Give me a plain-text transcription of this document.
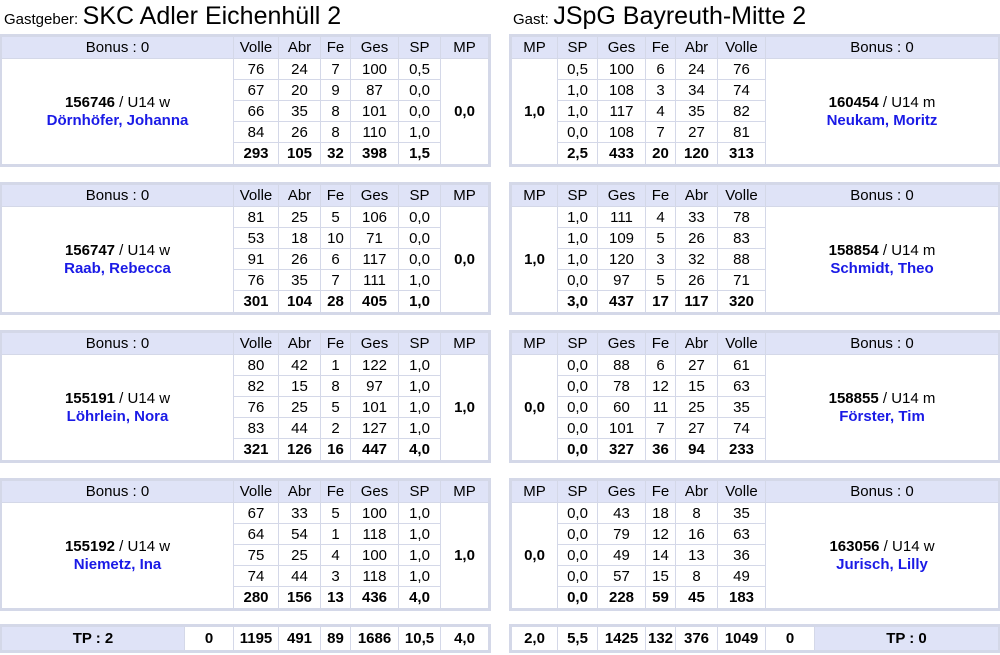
Gastgeber: SKC Adler Eichenhüll 2	Gast: JSpG Bayreuth-Mitte 2
Bonus : 0	Volle	Abr	Fe	Ges	SP	MP

156746 / U14 w
Dörnhöfer, Johanna	76	24	7	100	0,5	0,0
	67	20	9	87	0,0	
	66	35	8	101	0,0	
	84	26	8	110	1,0	
	293	105	32	398	1,5	
MP	SP	Ges	Fe	Abr	Volle	Bonus : 0
1,0	0,5	100	6	24	76	160454 / U14 m
Neukam, Moritz

	1,0	108	3	34	74	
	1,0	117	4	35	82	
	0,0	108	7	27	81	
	2,5	433	20	120	313	
Bonus : 0	Volle	Abr	Fe	Ges	SP	MP

156747 / U14 w
Raab, Rebecca	81	25	5	106	0,0	0,0
	53	18	10	71	0,0	
	91	26	6	117	0,0	
	76	35	7	111	1,0	
	301	104	28	405	1,0	
MP	SP	Ges	Fe	Abr	Volle	Bonus : 0
1,0	1,0	111	4	33	78	158854 / U14 m
Schmidt, Theo

	1,0	109	5	26	83	
	1,0	120	3	32	88	
	0,0	97	5	26	71	
	3,0	437	17	117	320	
Bonus : 0	Volle	Abr	Fe	Ges	SP	MP

155191 / U14 w
Löhrlein, Nora	80	42	1	122	1,0	1,0
	82	15	8	97	1,0	
	76	25	5	101	1,0	
	83	44	2	127	1,0	
	321	126	16	447	4,0	
MP	SP	Ges	Fe	Abr	Volle	Bonus : 0
0,0	0,0	88	6	27	61	158855 / U14 m
Förster, Tim

	0,0	78	12	15	63	
	0,0	60	11	25	35	
	0,0	101	7	27	74	
	0,0	327	36	94	233	
Bonus : 0	Volle	Abr	Fe	Ges	SP	MP

155192 / U14 w
Niemetz, Ina	67	33	5	100	1,0	1,0
	64	54	1	118	1,0	
	75	25	4	100	1,0	
	74	44	3	118	1,0	
	280	156	13	436	4,0	
MP	SP	Ges	Fe	Abr	Volle	Bonus : 0
0,0	0,0	43	18	8	35	163056 / U14 w
Jurisch, Lilly

	0,0	79	12	16	63	
	0,0	49	14	13	36	
	0,0	57	15	8	49	
	0,0	228	59	45	183	
TP : 2	0	1195	491	89	1686	10,5	4,0	2,0	5,5	1425	132	376	1049	0	TP : 0
